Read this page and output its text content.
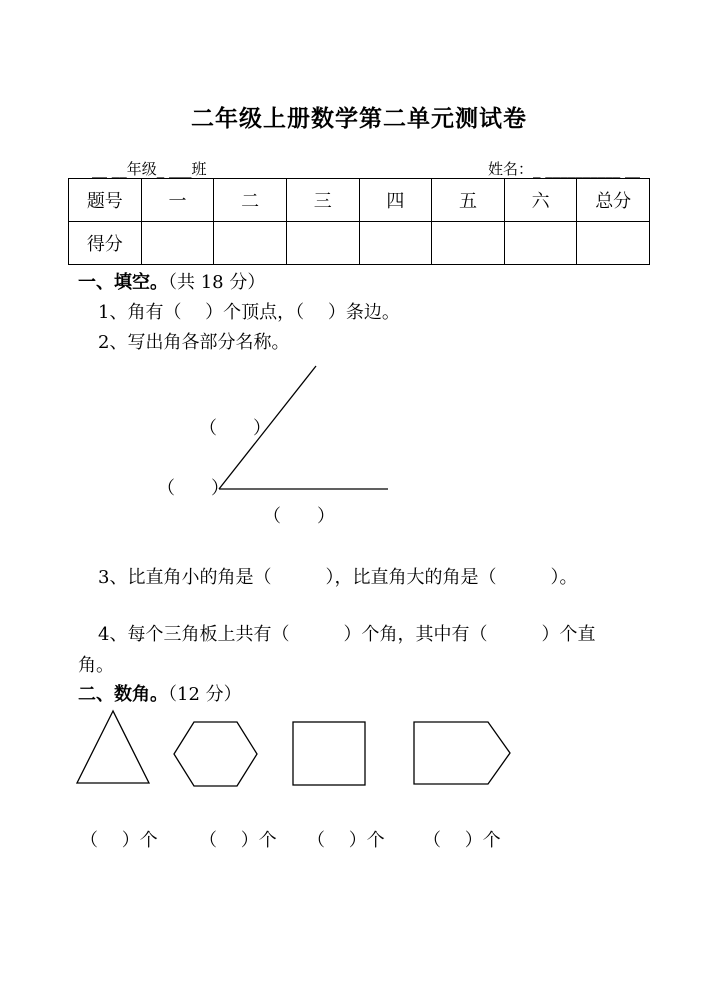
二年级上册数学第二单元测试卷
__ __年级_ ___班	姓名：_ __________ __
题号	一	二	三	四	五	六	总分
得分							
一、填空。（共 18 分）
1、角有（　 ）个顶点，（　 ）条边。
2、写出角各部分名称。
（　　）
（　　）
（　　）
3、比直角小的角是（　　　），比直角大的角是（　　　）。
4、每个三角板上共有（　　　）个角，其中有（　　　）个直
角。
二、数角。（12 分）
（　 ）个 （　 ）个 （　 ）个 （　 ）个
